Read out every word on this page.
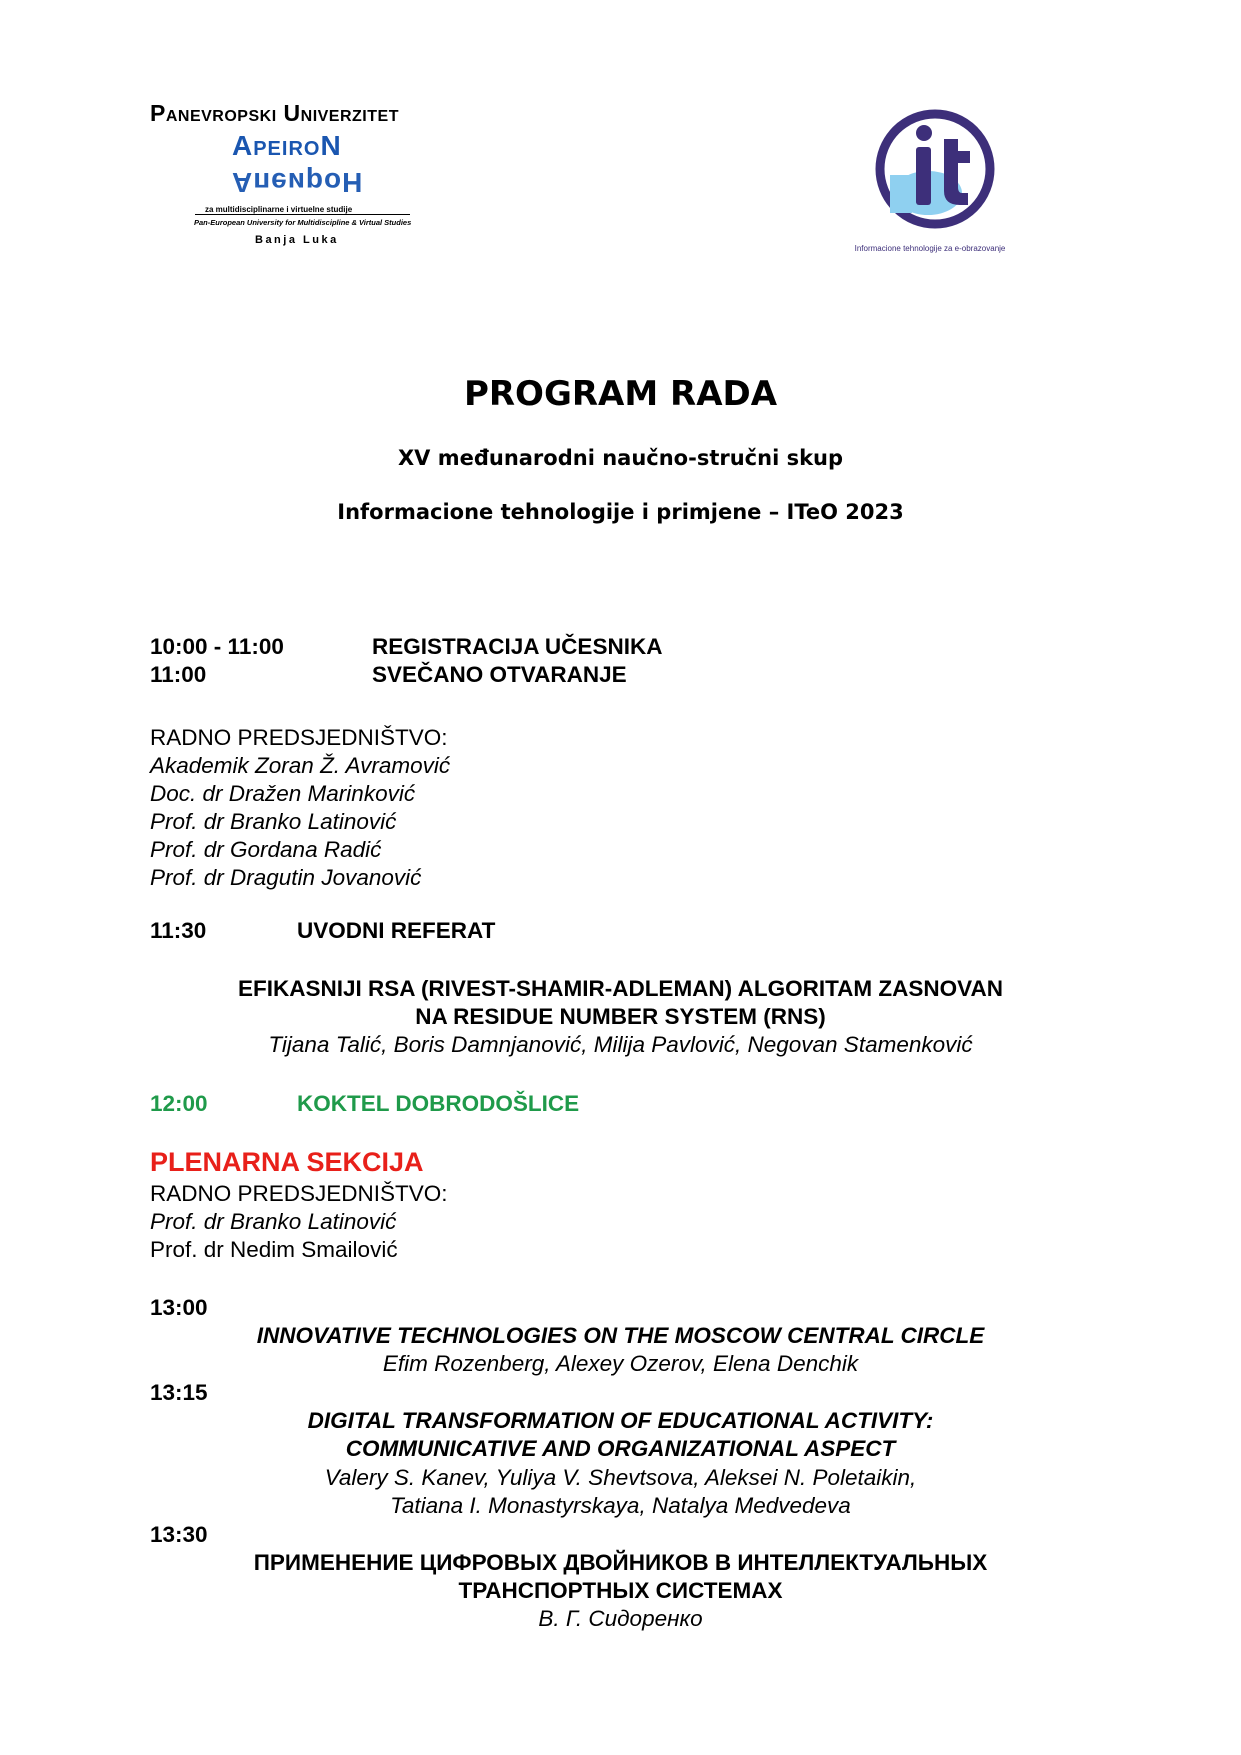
Panevropski Univerzitet
ApeiroN
АпеироН
za multidisciplinarne i virtuelne studije
Pan-European University for Multidiscipline & Virtual Studies
Banja Luka
Informacione tehnologije za e-obrazovanje
PROGRAM RADA
XV međunarodni naučno-stručni skup
Informacione tehnologije i primjene – ITeO 2023
10:00 - 11:00	REGISTRACIJA UČESNIKA
11:00	SVEČANO OTVARANJE
RADNO PREDSJEDNIŠTVO:
Akademik Zoran Ž. Avramović
Doc. dr Dražen Marinković
Prof. dr Branko Latinović
Prof. dr Gordana Radić
Prof. dr Dragutin Jovanović
11:30	UVODNI REFERAT
EFIKASNIJI RSA (RIVEST-SHAMIR-ADLEMAN) ALGORITAM ZASNOVAN
NA RESIDUE NUMBER SYSTEM (RNS)
Tijana Talić, Boris Damnjanović, Milija Pavlović, Negovan Stamenković
12:00	KOKTEL DOBRODOŠLICE
PLENARNA SEKCIJA
RADNO PREDSJEDNIŠTVO:
Prof. dr Branko Latinović
Prof. dr Nedim Smailović
13:00
INNOVATIVE TECHNOLOGIES ON THE MOSCOW CENTRAL CIRCLE
Efim Rozenberg, Alexey Ozerov, Elena Denchik
13:15
DIGITAL TRANSFORMATION OF EDUCATIONAL ACTIVITY:
COMMUNICATIVE AND ORGANIZATIONAL ASPECT
Valery S. Kanev, Yuliya V. Shevtsova, Aleksei N. Poletaikin,
Tatiana I. Monastyrskaya, Natalya Medvedeva
13:30
ПРИМЕНЕНИЕ ЦИФРОВЫХ ДВОЙНИКОВ В ИНТЕЛЛЕКТУАЛЬНЫХ
ТРАНСПОРТНЫХ СИСТЕМАХ
В. Г. Сидоренко
